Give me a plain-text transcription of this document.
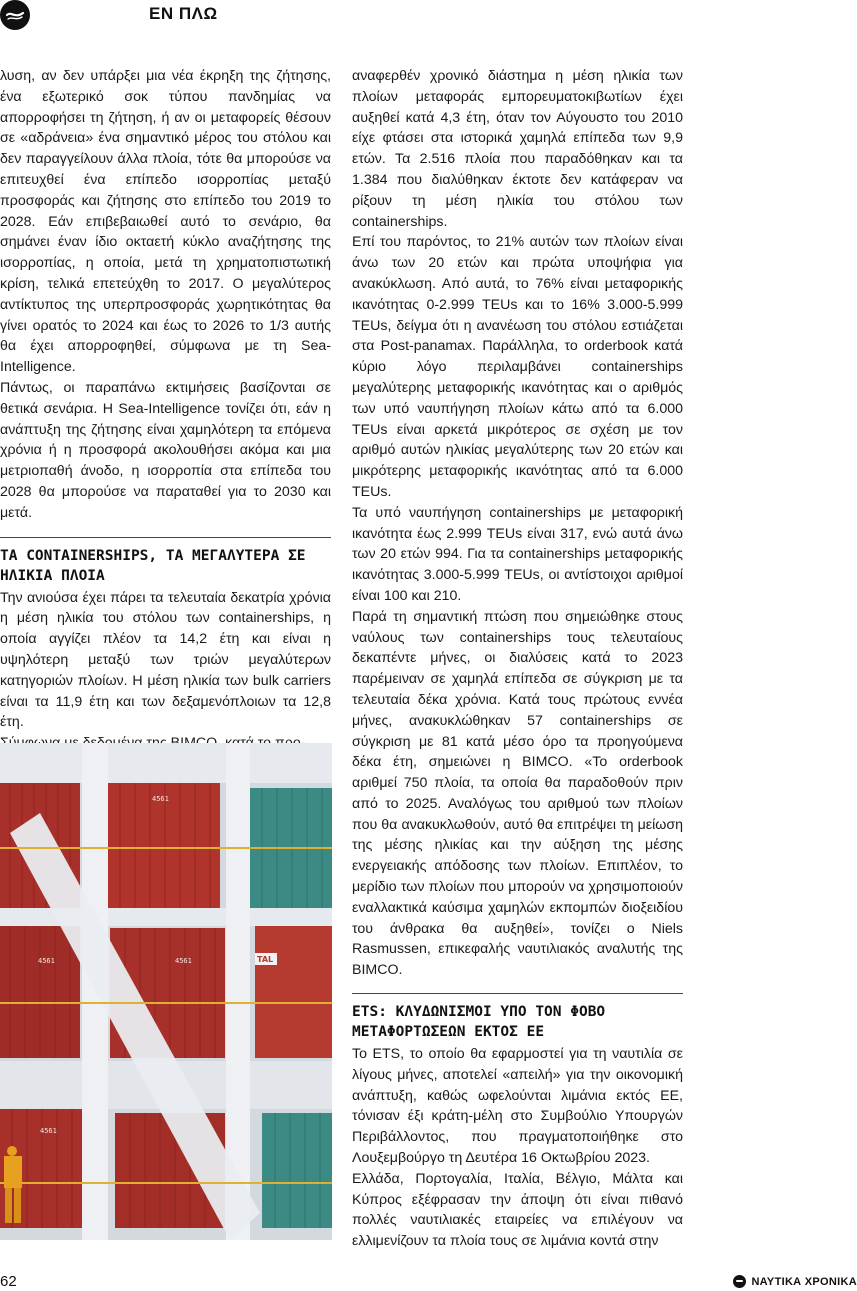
ΕΝ ΠΛΩ

λυση, αν δεν υπάρξει μια νέα έκρηξη της ζήτησης, ένα εξωτερικό σοκ τύπου πανδημίας να απορροφήσει τη ζήτηση, ή αν οι μεταφορείς θέσουν σε «αδράνεια» ένα σημαντικό μέρος του στόλου και δεν παραγγείλουν άλλα πλοία, τότε θα μπορούσε να επιτευχθεί ένα επίπεδο ισορροπίας μεταξύ προσφοράς και ζήτησης στο επίπεδο του 2019 το 2028. Εάν επιβεβαιωθεί αυτό το σενάριο, θα σημάνει έναν ίδιο οκταετή κύκλο αναζήτησης της ισορροπίας, η οποία, μετά τη χρηματοπιστωτική κρίση, τελικά επετεύχθη το 2017. Ο μεγαλύτερος αντίκτυπος της υπερπροσφοράς χωρητικότητας θα γίνει ορατός το 2024 και έως το 2026 το 1/3 αυτής θα έχει απορροφηθεί, σύμφωνα με τη Sea-Intelligence.

Πάντως, οι παραπάνω εκτιμήσεις βασίζονται σε θετικά σενάρια. Η Sea-Intelligence τονίζει ότι, εάν η ανάπτυξη της ζήτησης είναι χαμηλότερη τα επόμενα χρόνια ή η προσφορά ακολουθήσει ακόμα και μια μετριοπαθή άνοδο, η ισορροπία στα επίπεδα του 2028 θα μπορούσε να παραταθεί για το 2030 και μετά.

ΤΑ CONTAINERSHIPS, ΤΑ ΜΕΓΑΛΥΤΕΡΑ ΣΕ ΗΛΙΚΙΑ ΠΛΟΙΑ

Την ανιούσα έχει πάρει τα τελευταία δεκατρία χρόνια η μέση ηλικία του στόλου των containerships, η οποία αγγίζει πλέον τα 14,2 έτη και είναι η υψηλότερη μεταξύ των τριών μεγαλύτερων κατηγοριών πλοίων. Η μέση ηλικία των bulk carriers είναι τα 11,9 έτη και των δεξαμενόπλοιων τα 12,8 έτη.

4561
4561	4561
4561
TAL

αναφερθέν χρονικό διάστημα η μέση ηλικία των πλοίων μεταφοράς εμπορευματοκιβωτίων έχει αυξηθεί κατά 4,3 έτη, όταν τον Αύγουστο του 2010 είχε φτάσει στα ιστορικά χαμηλά επίπεδα των 9,9 ετών. Τα 2.516 πλοία που παραδόθηκαν και τα 1.384 που διαλύθηκαν έκτοτε δεν κατάφεραν να ρίξουν τη μέση ηλικία του στόλου των containerships.

Επί του παρόντος, το 21% αυτών των πλοίων είναι άνω των 20 ετών και πρώτα υποψήφια για ανακύκλωση. Από αυτά, το 76% είναι μεταφορικής ικανότητας 0-2.999 TEUs και το 16% 3.000-5.999 TEUs, δείγμα ότι η ανανέωση του στόλου εστιάζεται στα Post-panamax. Παράλληλα, το orderbook κατά κύριο λόγο περιλαμβάνει containerships μεγαλύτερης μεταφορικής ικανότητας και ο αριθμός των υπό ναυπήγηση πλοίων κάτω από τα 6.000 TEUs είναι αρκετά μικρότερος σε σχέση με τον αριθμό αυτών ηλικίας μεγαλύτερης των 20 ετών και μικρότερης μεταφορικής ικανότητας από τα 6.000 TEUs.

Τα υπό ναυπήγηση containerships με μεταφορική ικανότητα έως 2.999 TEUs είναι 317, ενώ αυτά άνω των 20 ετών 994. Για τα containerships μεταφορικής ικανότητας 3.000-5.999 TEUs, οι αντίστοιχοι αριθμοί είναι 100 και 210.

Παρά τη σημαντική πτώση που σημειώθηκε στους ναύλους των containerships τους τελευταίους δεκαπέντε μήνες, οι διαλύσεις κατά το 2023 παρέμειναν σε χαμηλά επίπεδα σε σύγκριση με τα τελευταία δέκα χρόνια. Κατά τους πρώτους εννέα μήνες, ανακυκλώθηκαν 57 containerships σε σύγκριση με 81 κατά μέσο όρο τα προηγούμενα δέκα έτη, σημειώνει η BIMCO. «Το orderbook αριθμεί 750 πλοία, τα οποία θα παραδοθούν πριν από το 2025. Αναλόγως του αριθμού των πλοίων που θα ανακυκλωθούν, αυτό θα επιτρέψει τη μείωση της μέσης ηλικίας και την αύξηση της μέσης ενεργειακής απόδοσης των πλοίων. Επιπλέον, το μερίδιο των πλοίων που μπορούν να χρησιμοποιούν εναλλακτικά καύσιμα χαμηλών εκπομπών διοξειδίου του άνθρακα θα αυξηθεί», τονίζει ο Niels Rasmussen, επικεφαλής ναυτιλιακός αναλυτής της BIMCO.

ETS: ΚΛΥΔΩΝΙΣΜΟΙ ΥΠΟ ΤΟΝ ΦΟΒΟ ΜΕΤΑΦΟΡΤΩΣΕΩΝ ΕΚΤΟΣ ΕΕ

Το ETS, το οποίο θα εφαρμοστεί για τη ναυτιλία σε λίγους μήνες, αποτελεί «απειλή» για την οικονομική ανάπτυξη, καθώς ωφελούνται λιμάνια εκτός ΕΕ, τόνισαν έξι κράτη-μέλη στο Συμβούλιο Υπουργών Περιβάλλοντος, που πραγματοποιήθηκε στο Λουξεμβούργο τη Δευτέρα 16 Οκτωβρίου 2023.

Ελλάδα, Πορτογαλία, Ιταλία, Βέλγιο, Μάλτα και Κύπρος εξέφρασαν την άποψη ότι είναι πιθανό πολλές ναυτιλιακές εταιρείες να επιλέγουν να ελλιμενίζουν τα πλοία τους σε λιμάνια κοντά στην

62	ΝΑΥΤΙΚΑ ΧΡΟΝΙΚΑ
